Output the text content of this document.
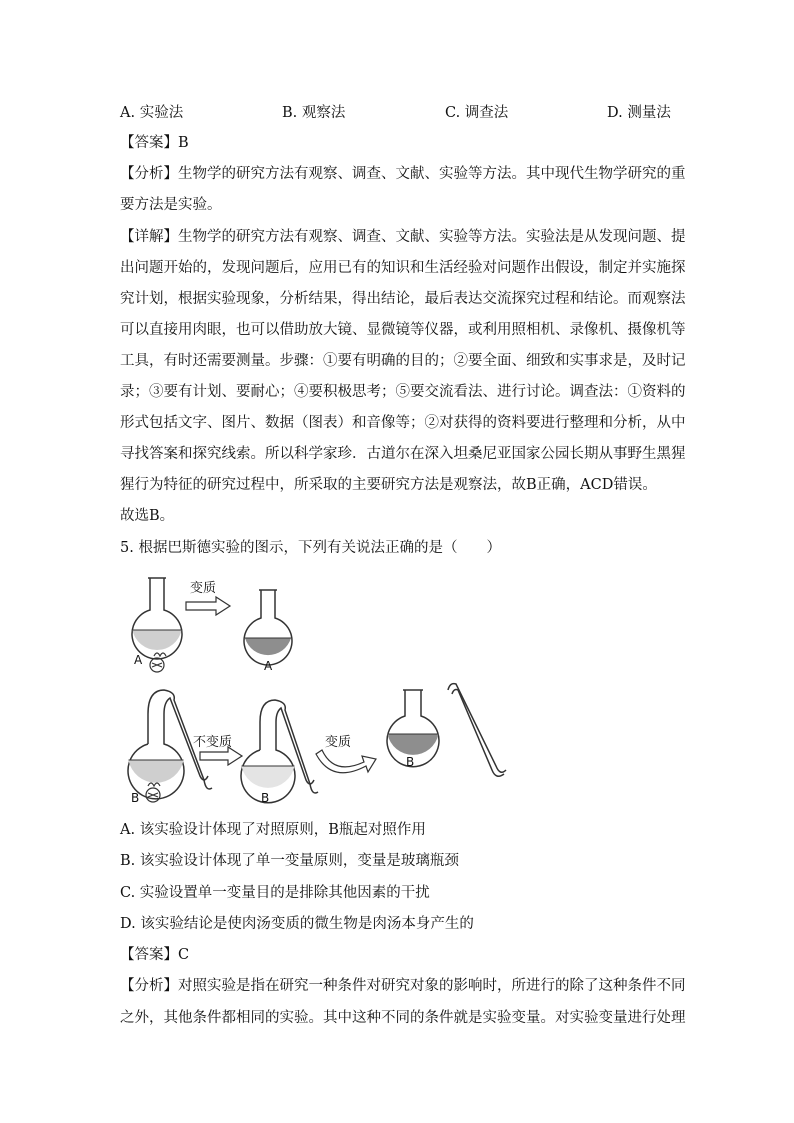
A. 实验法	B. 观察法	C. 调查法	D. 测量法
【答案】B
【分析】生物学的研究方法有观察、调查、文献、实验等方法。其中现代生物学研究的重
要方法是实验。
【详解】生物学的研究方法有观察、调查、文献、实验等方法。实验法是从发现问题、提
出问题开始的，发现问题后，应用已有的知识和生活经验对问题作出假设，制定并实施探
究计划，根据实验现象，分析结果，得出结论，最后表达交流探究过程和结论。而观察法
可以直接用肉眼，也可以借助放大镜、显微镜等仪器，或利用照相机、录像机、摄像机等
工具，有时还需要测量。步骤：①要有明确的目的；②要全面、细致和实事求是，及时记
录；③要有计划、要耐心；④要积极思考；⑤要交流看法、进行讨论。调查法：①资料的
形式包括文字、图片、数据（图表）和音像等；②对获得的资料要进行整理和分析，从中
寻找答案和探究线索。所以科学家珍．古道尔在深入坦桑尼亚国家公园长期从事野生黑猩
猩行为特征的研究过程中，所采取的主要研究方法是观察法，故B正确，ACD错误。
故选B。
5. 根据巴斯德实验的图示，下列有关说法正确的是（　　）
A
变质
A
B
不变质
B
变质
B
A. 该实验设计体现了对照原则，B瓶起对照作用
B. 该实验设计体现了单一变量原则，变量是玻璃瓶颈
C. 实验设置单一变量目的是排除其他因素的干扰
D. 该实验结论是使肉汤变质的微生物是肉汤本身产生的
【答案】C
【分析】对照实验是指在研究一种条件对研究对象的影响时，所进行的除了这种条件不同
之外，其他条件都相同的实验。其中这种不同的条件就是实验变量。对实验变量进行处理
